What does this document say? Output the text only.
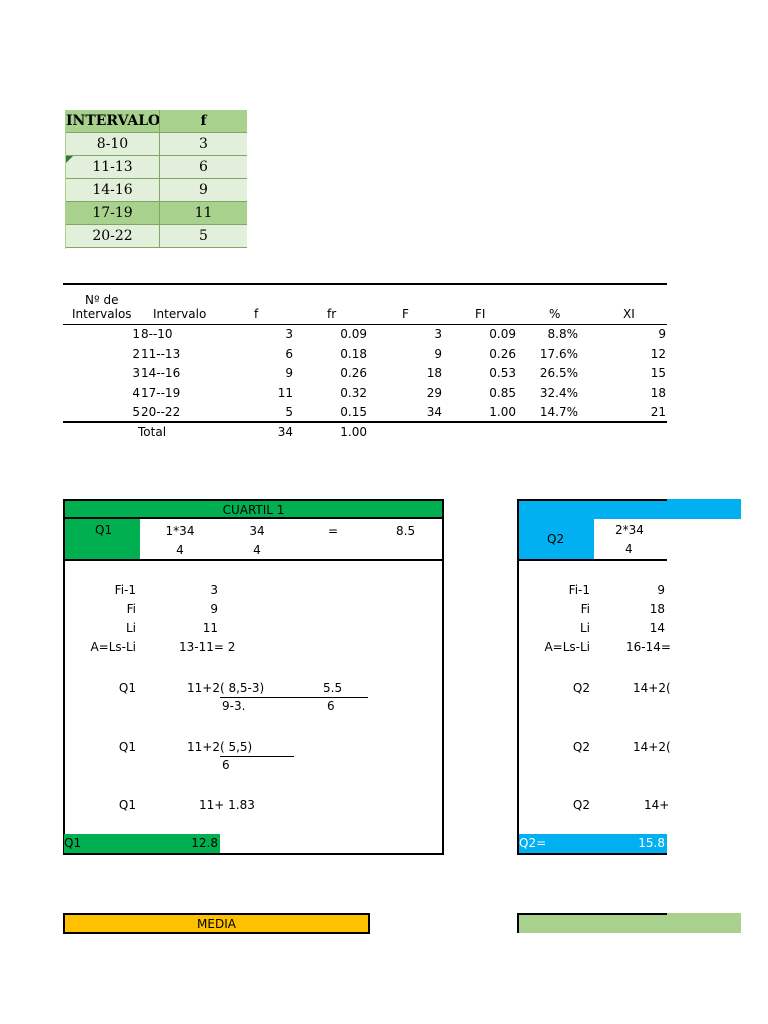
INTERVALO	f
8-10	3
11-13	6
14-16	9
17-19	11
20-22	5
Nº de
Intervalos Intervalo	f	fr	F	FI	%	XI
1 8--10	3	0.09	3	0.09	8.8%	9
2 11--13	6	0.18	9	0.26 17.6%	12
3 14--16	9	0.26	18	0.53 26.5%	15
4 17--19	11	0.32	29	0.85 32.4%	18
5 20--22	5	0.15	34	1.00 14.7%	21
Total	34	1.00
CUARTIL 1
Q1	1*34
4
34
4
=	8.5
Fi-1	3
Fi	9
Li	11
A=Ls-Li	13-11= 2
Q1	11+2( 8,5-3)
9-3.
5.5
6
Q1	11+2( 5,5)
6
Q1	11+ 1.83
Q1	12.8
Q2
2*34
4
Fi-1	9
Fi	18
Li	14
A=Ls-Li	16-14=
Q2	14+2(
Q2	14+2(
Q2	14+
Q2=	15.8
MEDIA
